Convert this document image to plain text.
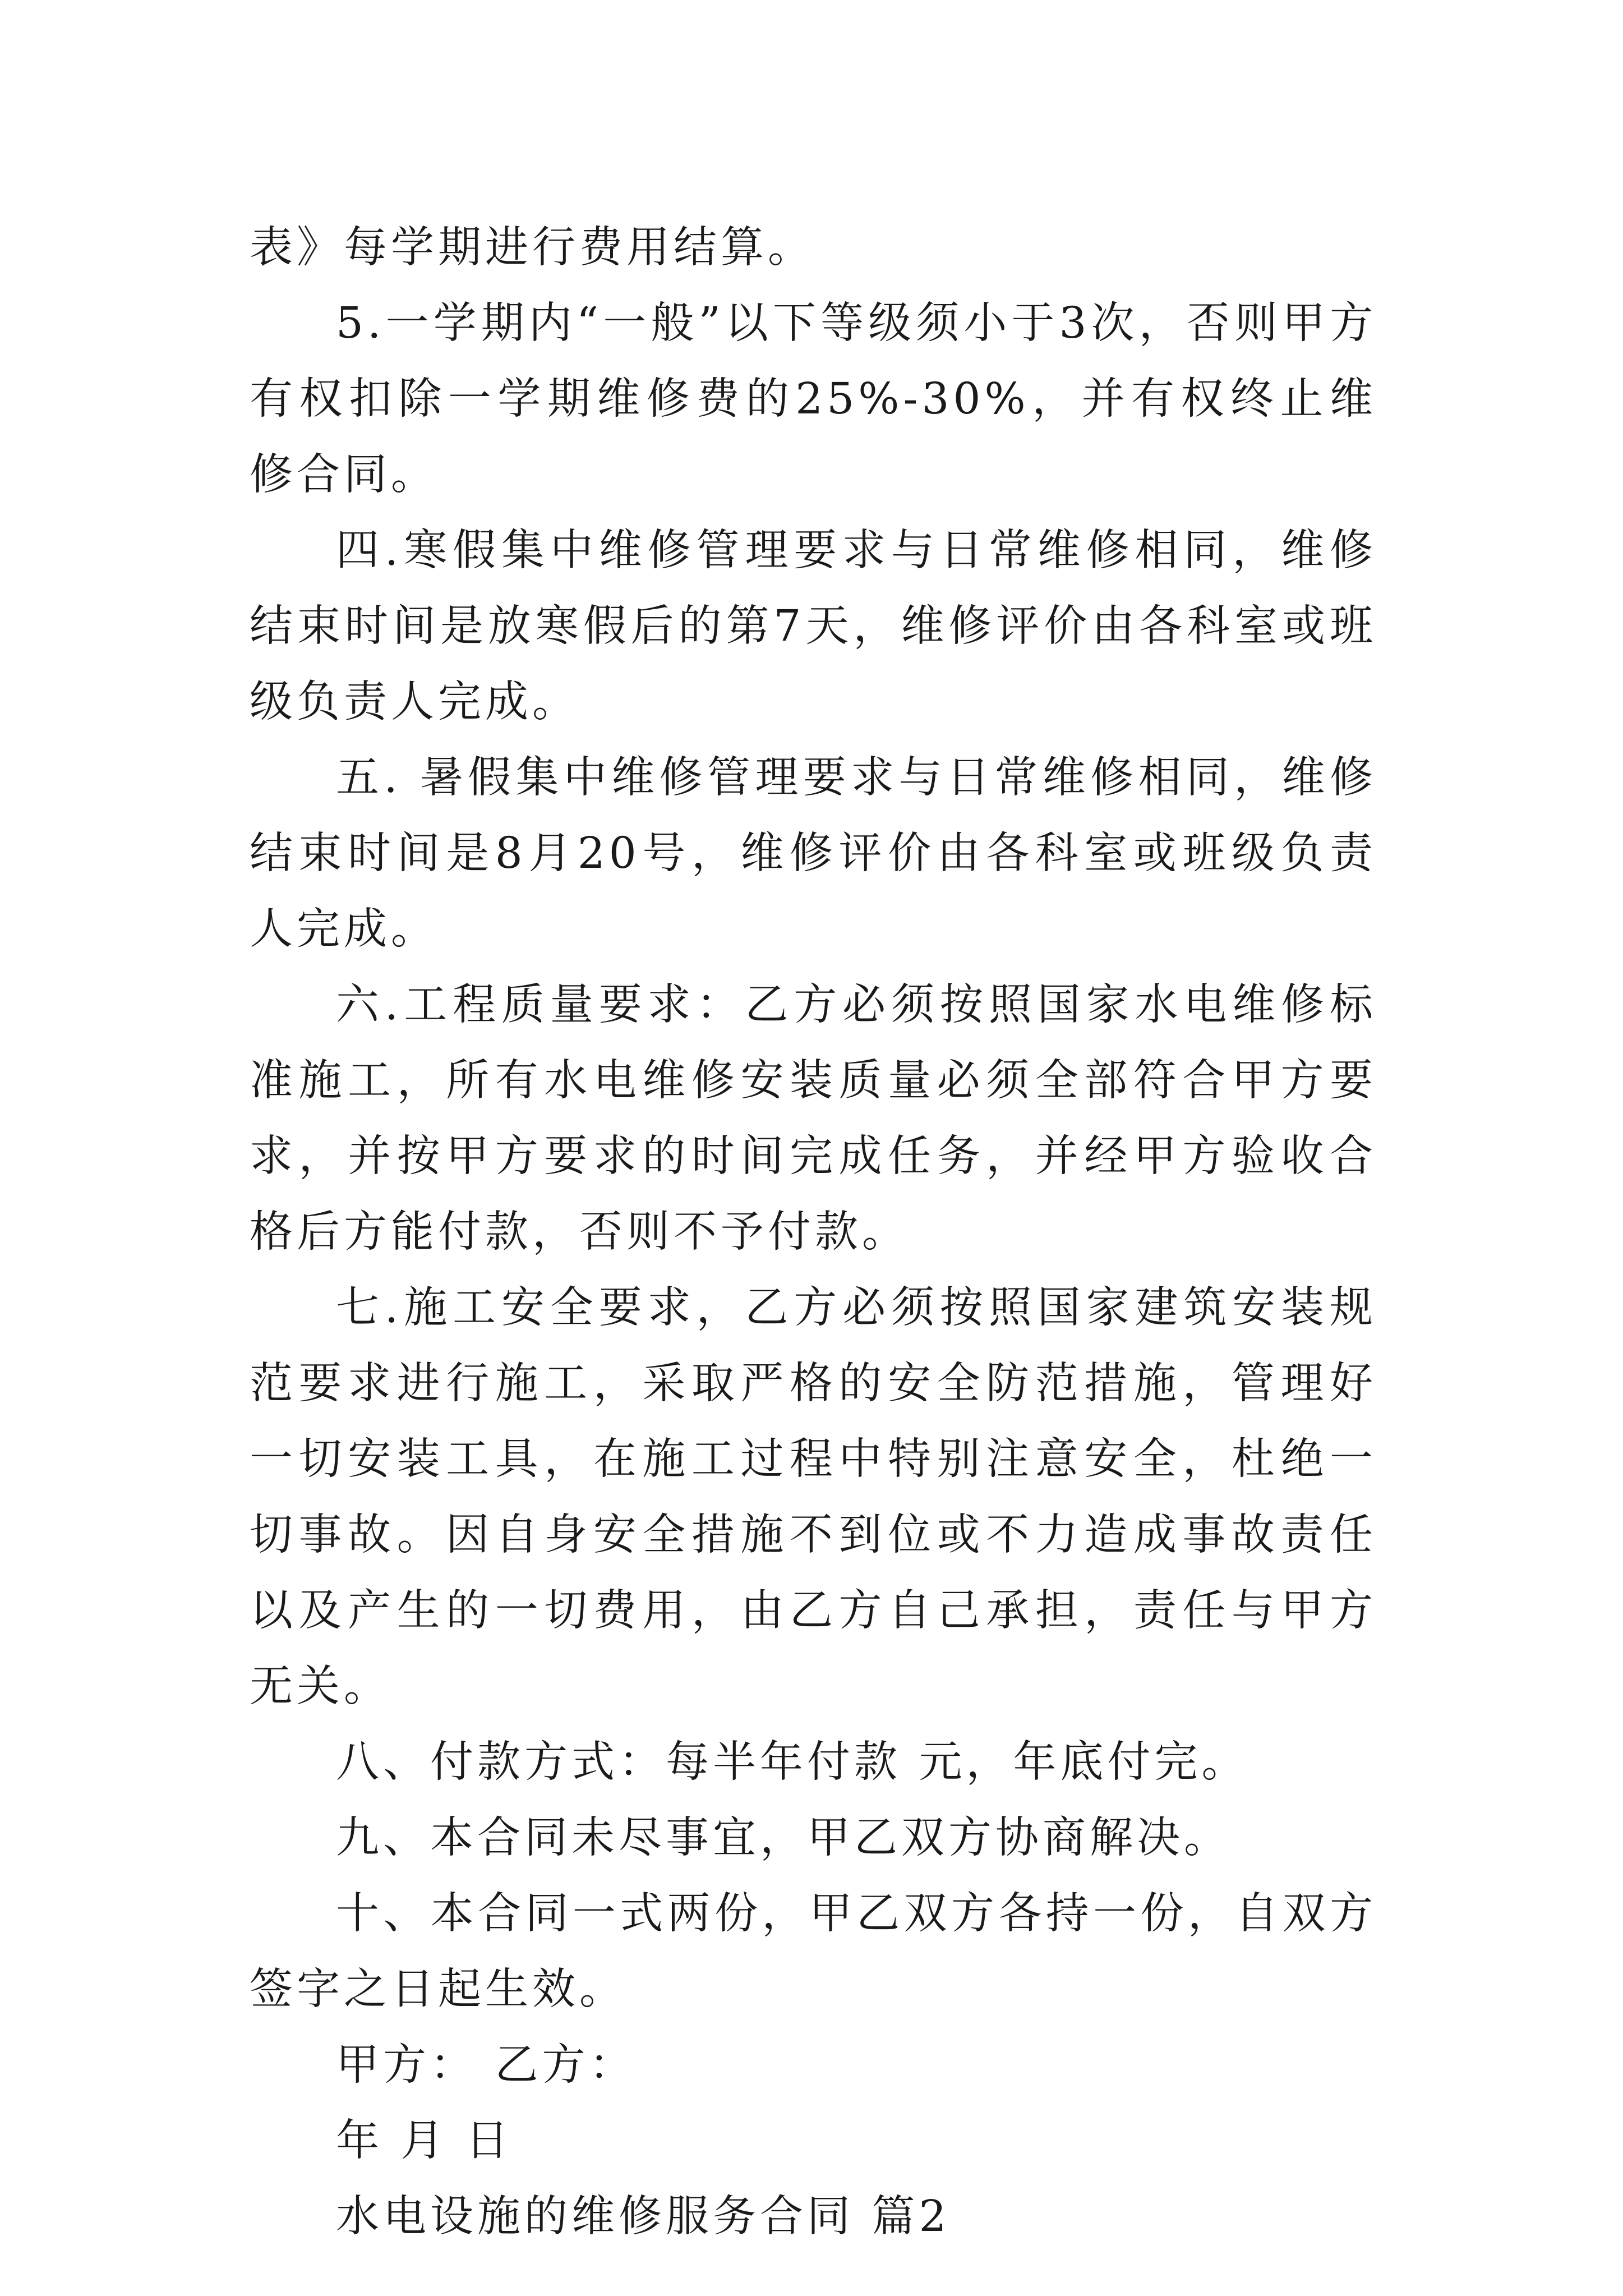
表》每学期进行费用结算。

5.一学期内“一般”以下等级须小于3次，否则甲方有权扣除一学期维修费的25%-30%，并有权终止维修合同。

四.寒假集中维修管理要求与日常维修相同，维修结束时间是放寒假后的第7天，维修评价由各科室或班级负责人完成。

五. 暑假集中维修管理要求与日常维修相同，维修结束时间是8月20号，维修评价由各科室或班级负责人完成。

六.工程质量要求：乙方必须按照国家水电维修标准施工，所有水电维修安装质量必须全部符合甲方要求，并按甲方要求的时间完成任务，并经甲方验收合格后方能付款，否则不予付款。

七.施工安全要求，乙方必须按照国家建筑安装规范要求进行施工，采取严格的安全防范措施，管理好一切安装工具，在施工过程中特别注意安全，杜绝一切事故。因自身安全措施不到位或不力造成事故责任以及产生的一切费用，由乙方自己承担，责任与甲方无关。

八、付款方式：每半年付款 元，年底付完。

九、本合同未尽事宜，甲乙双方协商解决。

十、本合同一式两份，甲乙双方各持一份，自双方签字之日起生效。

甲方： 乙方：

年 月 日

水电设施的维修服务合同 篇2
